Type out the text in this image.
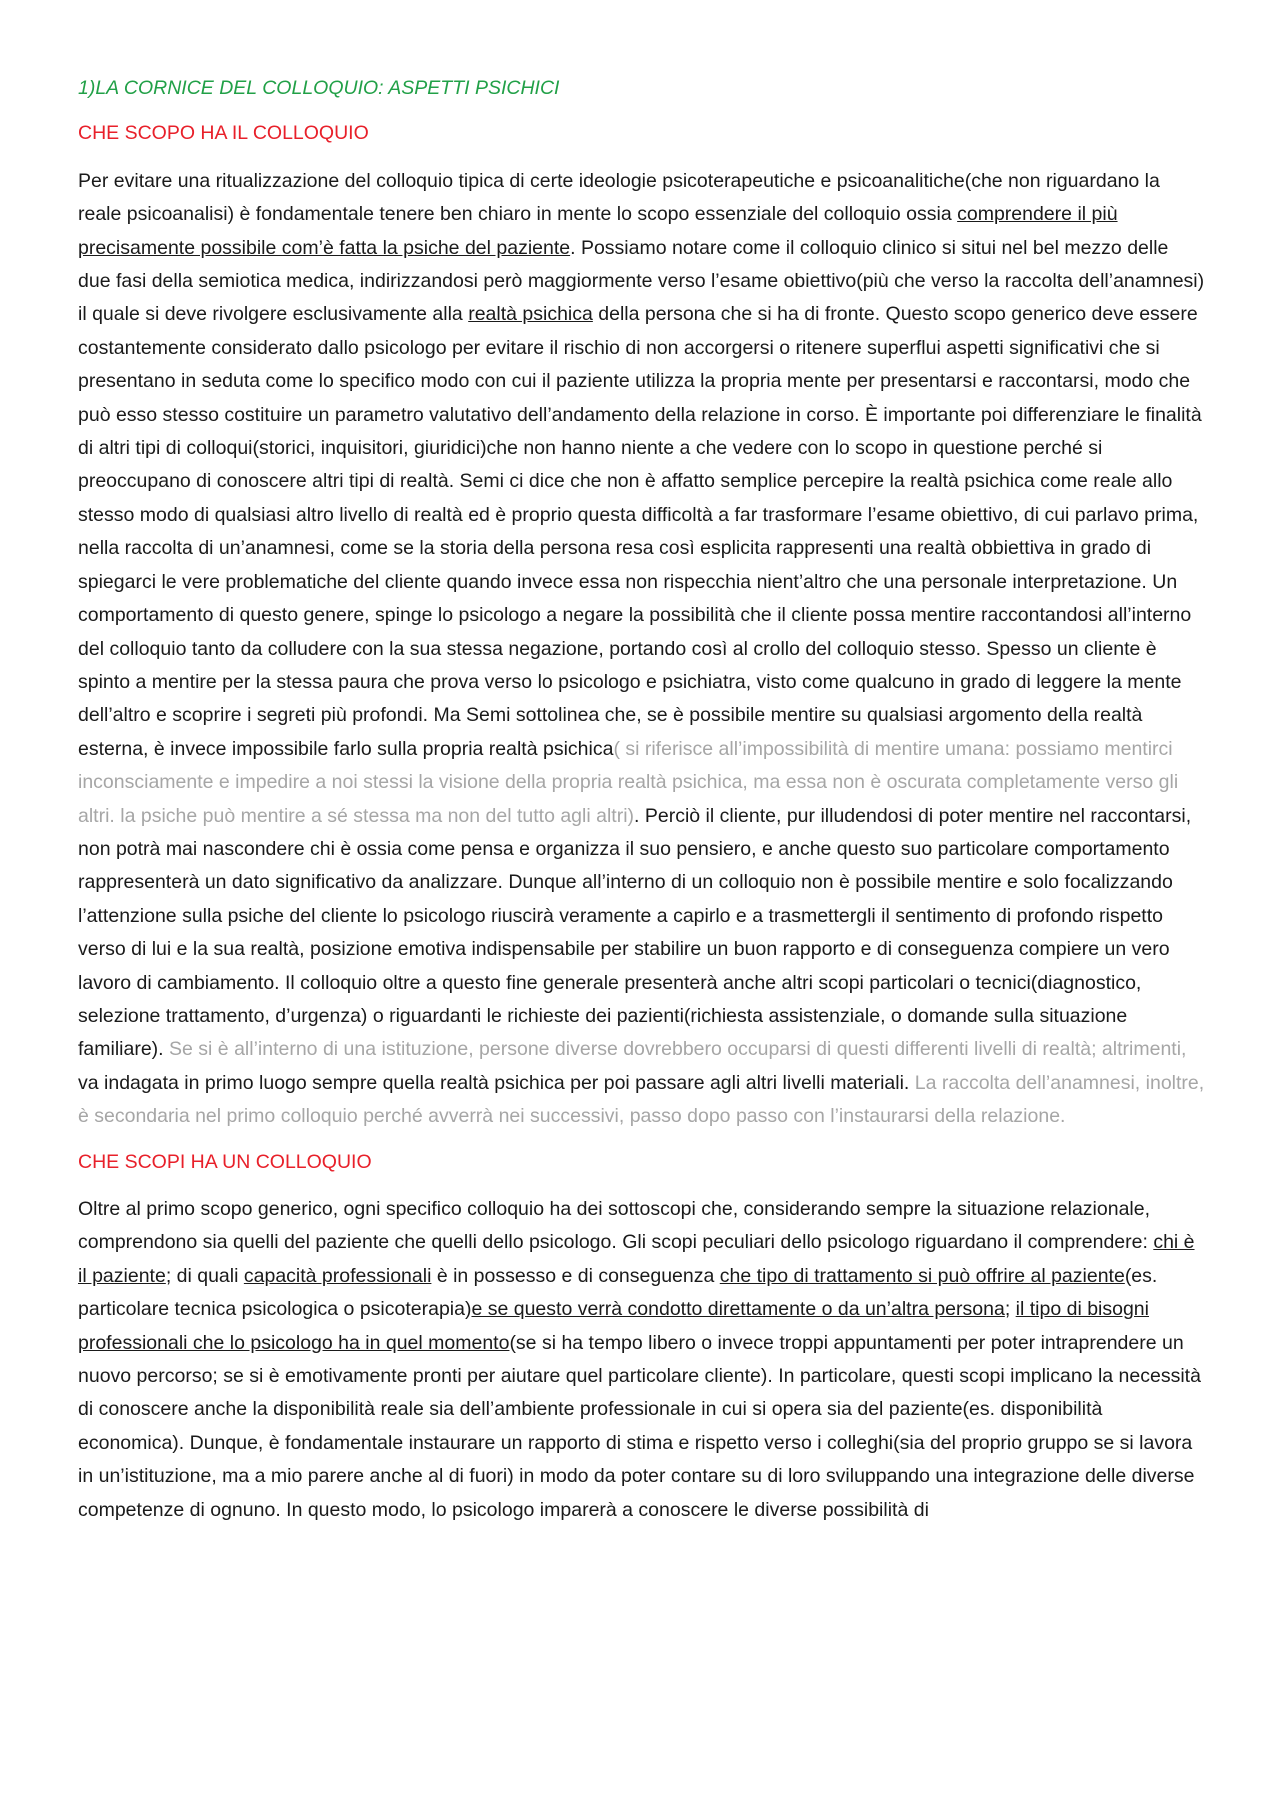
1)LA CORNICE DEL COLLOQUIO: ASPETTI PSICHICI
CHE SCOPO HA IL COLLOQUIO

Per evitare una ritualizzazione del colloquio tipica di certe ideologie psicoterapeutiche e psicoanalitiche(che non riguardano la reale psicoanalisi) è fondamentale tenere ben chiaro in mente lo scopo essenziale del colloquio ossia comprendere il più precisamente possibile com’è fatta la psiche del paziente. Possiamo notare come il colloquio clinico si situi nel bel mezzo delle due fasi della semiotica medica, indirizzandosi però maggiormente verso l’esame obiettivo(più che verso la raccolta dell’anamnesi) il quale si deve rivolgere esclusivamente alla realtà psichica della persona che si ha di fronte. Questo scopo generico deve essere costantemente considerato dallo psicologo per evitare il rischio di non accorgersi o ritenere superflui aspetti significativi che si presentano in seduta come lo specifico modo con cui il paziente utilizza la propria mente per presentarsi e raccontarsi, modo che può esso stesso costituire un parametro valutativo dell’andamento della relazione in corso. È importante poi differenziare le finalità di altri tipi di colloqui(storici, inquisitori, giuridici)che non hanno niente a che vedere con lo scopo in questione perché si preoccupano di conoscere altri tipi di realtà. Semi ci dice che non è affatto semplice percepire la realtà psichica come reale allo stesso modo di qualsiasi altro livello di realtà ed è proprio questa difficoltà a far trasformare l’esame obiettivo, di cui parlavo prima, nella raccolta di un’anamnesi, come se la storia della persona resa così esplicita rappresenti una realtà obbiettiva in grado di spiegarci le vere problematiche del cliente quando invece essa non rispecchia nient’altro che una personale interpretazione. Un comportamento di questo genere, spinge lo psicologo a negare la possibilità che il cliente possa mentire raccontandosi all’interno del colloquio tanto da colludere con la sua stessa negazione, portando così al crollo del colloquio stesso. Spesso un cliente è spinto a mentire per la stessa paura che prova verso lo psicologo e psichiatra, visto come qualcuno in grado di leggere la mente dell’altro e scoprire i segreti più profondi. Ma Semi sottolinea che, se è possibile mentire su qualsiasi argomento della realtà esterna, è invece impossibile farlo sulla propria realtà psichica( si riferisce all’impossibilità di mentire umana: possiamo mentirci inconsciamente e impedire a noi stessi la visione della propria realtà psichica, ma essa non è oscurata completamente verso gli altri. la psiche può mentire a sé stessa ma non del tutto agli altri). Perciò il cliente, pur illudendosi di poter mentire nel raccontarsi, non potrà mai nascondere chi è ossia come pensa e organizza il suo pensiero, e anche questo suo particolare comportamento rappresenterà un dato significativo da analizzare. Dunque all’interno di un colloquio non è possibile mentire e solo focalizzando l’attenzione sulla psiche del cliente lo psicologo riuscirà veramente a capirlo e a trasmettergli il sentimento di profondo rispetto verso di lui e la sua realtà, posizione emotiva indispensabile per stabilire un buon rapporto e di conseguenza compiere un vero lavoro di cambiamento. Il colloquio oltre a questo fine generale presenterà anche altri scopi particolari o tecnici(diagnostico, selezione trattamento, d’urgenza) o riguardanti le richieste dei pazienti(richiesta assistenziale, o domande sulla situazione familiare). Se si è all’interno di una istituzione, persone diverse dovrebbero occuparsi di questi differenti livelli di realtà; altrimenti, va indagata in primo luogo sempre quella realtà psichica per poi passare agli altri livelli materiali. La raccolta dell’anamnesi, inoltre, è secondaria nel primo colloquio perché avverrà nei successivi, passo dopo passo con l’instaurarsi della relazione.

CHE SCOPI HA UN COLLOQUIO

Oltre al primo scopo generico, ogni specifico colloquio ha dei sottoscopi che, considerando sempre la situazione relazionale, comprendono sia quelli del paziente che quelli dello psicologo. Gli scopi peculiari dello psicologo riguardano il comprendere: chi è il paziente; di quali capacità professionali è in possesso e di conseguenza che tipo di trattamento si può offrire al paziente(es. particolare tecnica psicologica o psicoterapia)e se questo verrà condotto direttamente o da un’altra persona; il tipo di bisogni professionali che lo psicologo ha in quel momento(se si ha tempo libero o invece troppi appuntamenti per poter intraprendere un nuovo percorso; se si è emotivamente pronti per aiutare quel particolare cliente). In particolare, questi scopi implicano la necessità di conoscere anche la disponibilità reale sia dell’ambiente professionale in cui si opera sia del paziente(es. disponibilità economica). Dunque, è fondamentale instaurare un rapporto di stima e rispetto verso i colleghi(sia del proprio gruppo se si lavora in un’istituzione, ma a mio parere anche al di fuori) in modo da poter contare su di loro sviluppando una integrazione delle diverse competenze di ognuno. In questo modo, lo psicologo imparerà a conoscere le diverse possibilità di
